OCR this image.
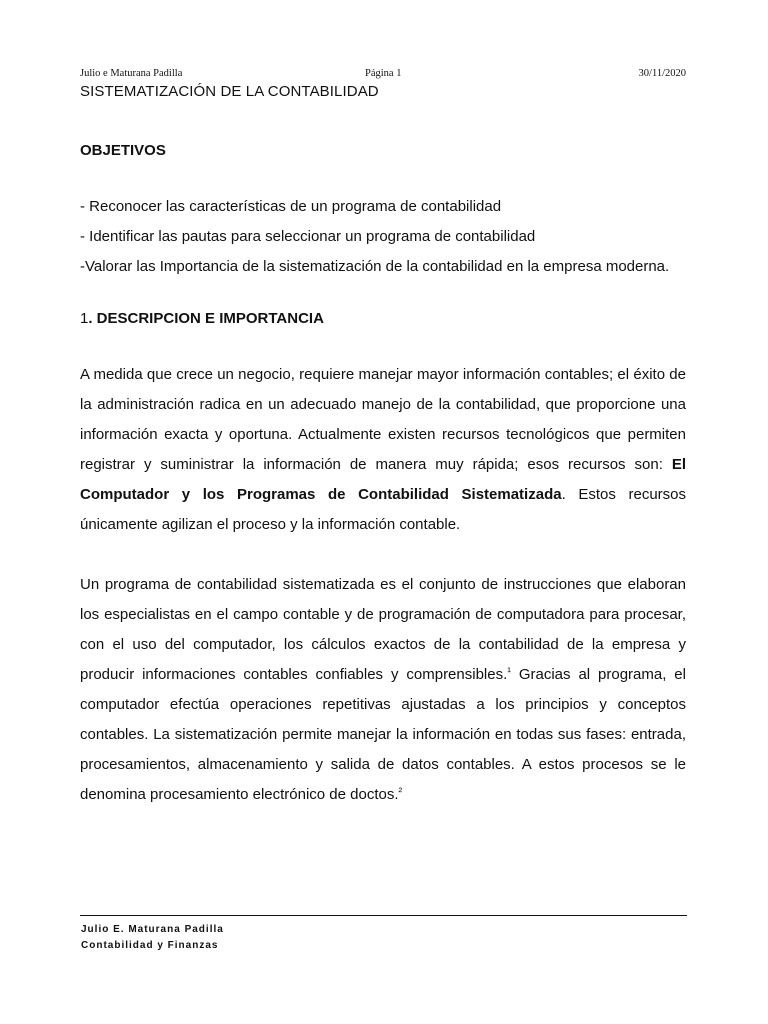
Julio e Maturana Padilla	Página 1	30/11/2020
SISTEMATIZACIÓN DE LA CONTABILIDAD
OBJETIVOS

- Reconocer las características de un programa de contabilidad

- Identificar las pautas para seleccionar un programa de contabilidad

-Valorar las Importancia de la sistematización de la contabilidad en la empresa moderna.

1. DESCRIPCION E IMPORTANCIA

A medida que crece un negocio, requiere manejar mayor información contables; el éxito de la administración radica en un adecuado manejo de la contabilidad, que proporcione una información exacta y oportuna. Actualmente existen recursos tecnológicos que permiten registrar y suministrar la información de manera muy rápida; esos recursos son: El Computador y los Programas de Contabilidad Sistematizada. Estos recursos únicamente agilizan el proceso y la información contable.

Un programa de contabilidad sistematizada es el conjunto de instrucciones que elaboran los especialistas en el campo contable y de programación de computadora para procesar, con el uso del computador, los cálculos exactos de la contabilidad de la empresa y producir informaciones contables confiables y comprensibles.$^{^1}$ Gracias al programa, el computador efectúa operaciones repetitivas ajustadas a los principios y conceptos contables. La sistematización permite manejar la información en todas sus fases: entrada, procesamientos, almacenamiento y salida de datos contables. A estos procesos se le denomina procesamiento electrónico de doctos.$^{^2}$

Julio E. Maturana Padilla
Contabilidad y Finanzas
